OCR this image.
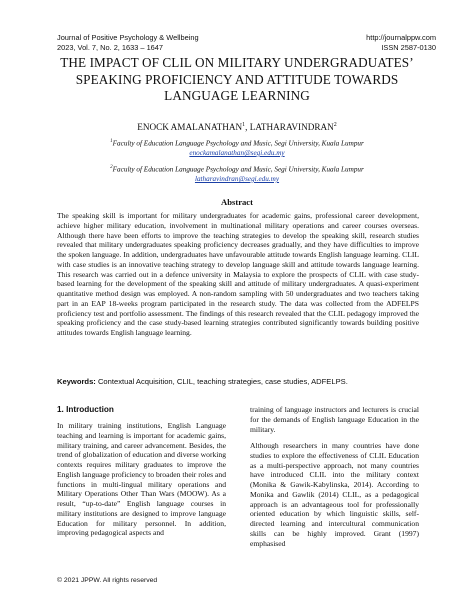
Journal of Positive Psychology & Wellbeing
2023, Vol. 7, No. 2, 1633 – 1647
http://journalppw.com
ISSN 2587-0130
THE IMPACT OF CLIL ON MILITARY UNDERGRADUATES’
SPEAKING PROFICIENCY AND ATTITUDE TOWARDS
LANGUAGE LEARNING
ENOCK AMALANATHAN$^1$, LATHARAVINDRAN$^2$
$^1$Faculty of Education Language Psychology and Music, Segi University, Kuala Lumpur
enockamalanathan@segi.edu.my
$^2$Faculty of Education Language Psychology and Music, Segi University, Kuala Lumpur
latharavindran@segi.edu.my
Abstract
The speaking skill is important for military undergraduates for academic gains, professional career development, achieve higher military education, involvement in multinational military operations and career courses overseas. Although there have been efforts to improve the teaching strategies to develop the speaking skill, research studies revealed that military undergraduates speaking proficiency decreases gradually, and they have difficulties to improve the spoken language. In addition, undergraduates have unfavourable attitude towards English language learning. CLIL with case studies is an innovative teaching strategy to develop language skill and attitude towards language learning. This research was carried out in a defence university in Malaysia to explore the prospects of CLIL with case study-based learning for the development of the speaking skill and attitude of military undergraduates. A quasi-experiment quantitative method design was employed. A non-random sampling with 50 undergraduates and two teachers taking part in an EAP 18-weeks program participated in the research study. The data was collected from the ADFELPS proficiency test and portfolio assessment. The findings of this research revealed that the CLIL pedagogy improved the speaking proficiency and the case study-based learning strategies contributed significantly towards building positive attitudes towards English language learning.
Keywords: Contextual Acquisition, CLIL, teaching strategies, case studies, ADFELPS.
1. Introduction

In military training institutions, English Language teaching and learning is important for academic gains, military training, and career advancement. Besides, the trend of globalization of education and diverse working contexts requires military graduates to improve the English language proficiency to broaden their roles and functions in multi-lingual military operations and Military Operations Other Than Wars (MOOW). As a result, “up-to-date” English language courses in military institutions are designed to improve language Education for military personnel. In addition, improving pedagogical aspects and

training of language instructors and lecturers is crucial for the demands of English language Education in the military.

Although researchers in many countries have done studies to explore the effectiveness of CLIL Education as a multi-perspective approach, not many countries have introduced CLIL into the military context (Monika & Gawik-Kabylinska, 2014). According to Monika and Gawlik (2014) CLIL, as a pedagogical approach is an advantageous tool for professionally oriented education by which linguistic skills, self-directed learning and intercultural communication skills can be highly improved. Grant (1997) emphasised

© 2021 JPPW. All rights reserved
